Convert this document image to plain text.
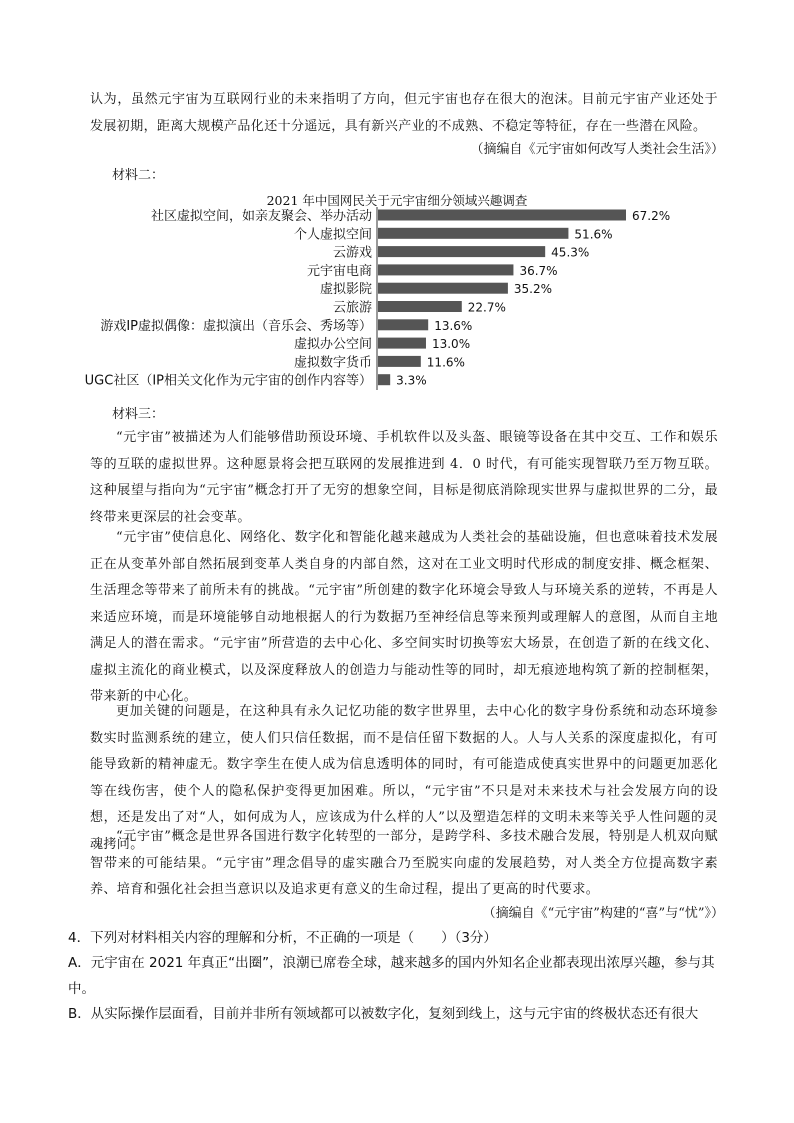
认为，虽然元宇宙为互联网行业的未来指明了方向，但元宇宙也存在很大的泡沫。目前元宇宙产业还处于发展初期，距离大规模产品化还十分遥远，具有新兴产业的不成熟、不稳定等特征，存在一些潜在风险。
（摘编自《元宇宙如何改写人类社会生活》）
材料二：
2021 年中国网民关于元宇宙细分领域兴趣调查
社区虚拟空间，如亲友聚会、举办活动	67.2%
个人虚拟空间	51.6%
云游戏	45.3%
元宇宙电商	36.7%
虚拟影院	35.2%
云旅游	22.7%
游戏IP虚拟偶像：虚拟演出（音乐会、秀场等）	13.6%
虚拟办公空间	13.0%
虚拟数字货币	11.6%
UGC社区（IP相关文化作为元宇宙的创作内容等） 3.3%
材料三：
“元宇宙”被描述为人们能够借助预设环境、手机软件以及头盔、眼镜等设备在其中交互、工作和娱乐等的互联的虚拟世界。这种愿景将会把互联网的发展推进到 4．0 时代，有可能实现智联乃至万物互联。这种展望与指向为“元宇宙”概念打开了无穷的想象空间，目标是彻底消除现实世界与虚拟世界的二分，最终带来更深层的社会变革。
“元宇宙”使信息化、网络化、数字化和智能化越来越成为人类社会的基础设施，但也意味着技术发展正在从变革外部自然拓展到变革人类自身的内部自然，这对在工业文明时代形成的制度安排、概念框架、生活理念等带来了前所未有的挑战。“元宇宙”所创建的数字化环境会导致人与环境关系的逆转，不再是人来适应环境，而是环境能够自动地根据人的行为数据乃至神经信息等来预判或理解人的意图，从而自主地满足人的潜在需求。“元宇宙”所营造的去中心化、多空间实时切换等宏大场景，在创造了新的在线文化、虚拟主流化的商业模式，以及深度释放人的创造力与能动性等的同时，却无痕迹地构筑了新的控制框架，带来新的中心化。
更加关键的问题是，在这种具有永久记忆功能的数字世界里，去中心化的数字身份系统和动态环境参数实时监测系统的建立，使人们只信任数据，而不是信任留下数据的人。人与人关系的深度虚拟化，有可能导致新的精神虚无。数字孪生在使人成为信息透明体的同时，有可能造成使真实世界中的问题更加恶化等在线伤害，使个人的隐私保护变得更加困难。所以，“元宇宙”不只是对未来技术与社会发展方向的设想，还是发出了对“人，如何成为人，应该成为什么样的人”以及塑造怎样的文明未来等关乎人性问题的灵魂拷问。
“元宇宙”概念是世界各国进行数字化转型的一部分，是跨学科、多技术融合发展，特别是人机双向赋智带来的可能结果。“元宇宙”理念倡导的虚实融合乃至脱实向虚的发展趋势，对人类全方位提高数字素养、培育和强化社会担当意识以及追求更有意义的生命过程，提出了更高的时代要求。
（摘编自《“元宇宙”构建的“喜”与“忧”》）
4．下列对材料相关内容的理解和分析，不正确的一项是（　　）（3分）
A．元宇宙在 2021 年真正“出圈”，浪潮已席卷全球，越来越多的国内外知名企业都表现出浓厚兴趣，参与其中。
B．从实际操作层面看，目前并非所有领域都可以被数字化，复刻到线上，这与元宇宙的终极状态还有很大
